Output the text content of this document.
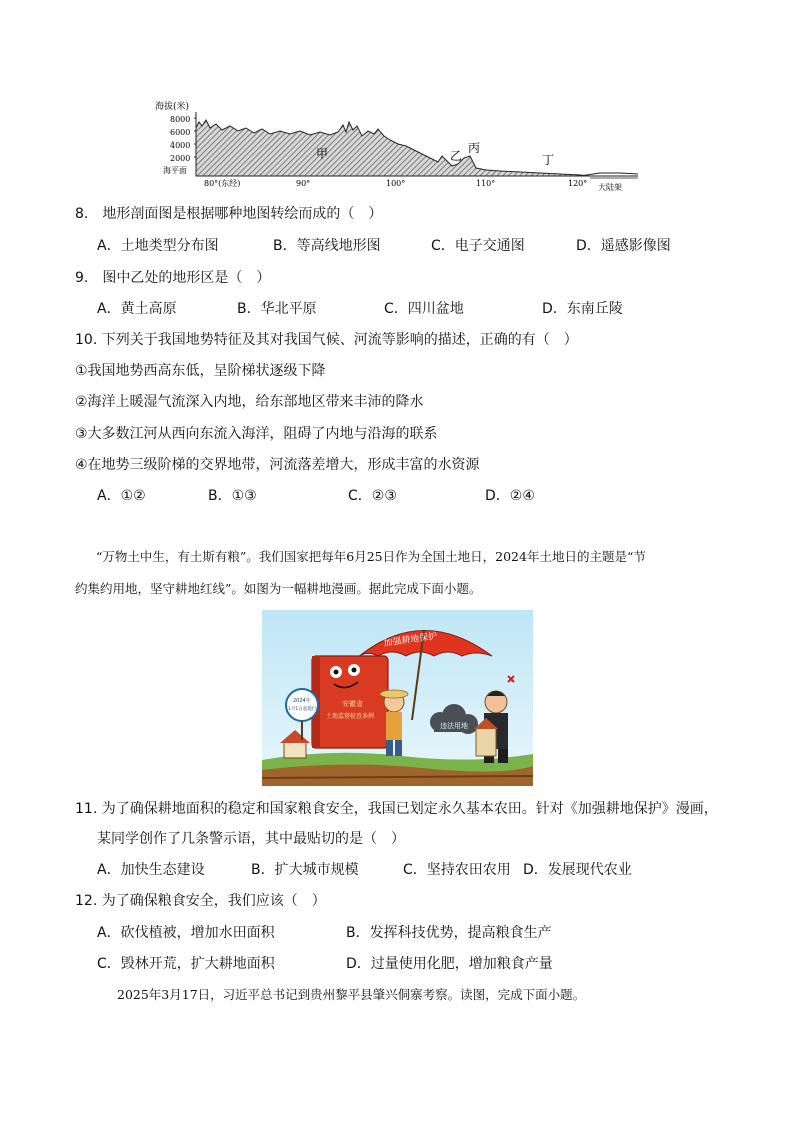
海拔(米)
8000
6000
4000
2000
海平面
80°(东经)	90°	100°	110°	120° 大陆架
甲	乙
丙
丁
8.　地形剖面图是根据哪种地图转绘而成的（　）
A．土地类型分布图	B．等高线地形图	C．电子交通图	D．遥感影像图
9.　图中乙处的地形区是（　）
A．黄土高原	B．华北平原	C．四川盆地	D．东南丘陵
10. 下列关于我国地势特征及其对我国气候、河流等影响的描述，正确的有（　）
①我国地势西高东低，呈阶梯状逐级下降
②海洋上暖湿气流深入内地，给东部地区带来丰沛的降水
③大多数江河从西向东流入海洋，阻碍了内地与沿海的联系
④在地势三级阶梯的交界地带，河流落差增大，形成丰富的水资源
A．①②	B．①③	C．②③	D．②④
“万物土中生，有土斯有粮”。我们国家把每年6月25日作为全国土地日，2024年土地日的主题是“节
约集约用地，坚守耕地红线”。如图为一幅耕地漫画。据此完成下面小题。
加强耕地保护
安徽省
土地监督检查条例
2024年
1月1日起施行
违法用地
11. 为了确保耕地面积的稳定和国家粮食安全，我国已划定永久基本农田。针对《加强耕地保护》漫画，
某同学创作了几条警示语，其中最贴切的是（　）
A．加快生态建设	B．扩大城市规模	C．坚持农田农用 D．发展现代农业
12. 为了确保粮食安全，我们应该（　）
A．砍伐植被，增加水田面积	B．发挥科技优势，提高粮食生产
C．毁林开荒，扩大耕地面积	D．过量使用化肥，增加粮食产量
2025年3月17日，习近平总书记到贵州黎平县肇兴侗寨考察。读图，完成下面小题。
